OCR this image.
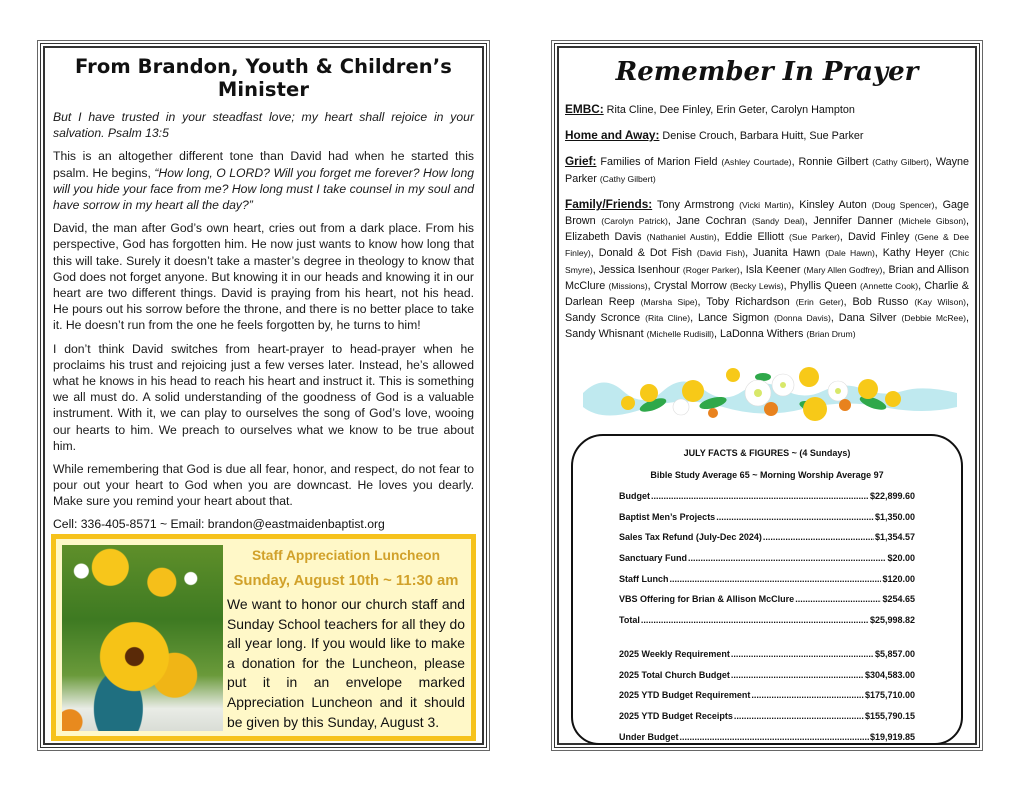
From Brandon, Youth & Children’s Minister

But I have trusted in your steadfast love; my heart shall rejoice in your salvation. Psalm 13:5

This is an altogether different tone than David had when he started this psalm. He begins, “How long, O LORD? Will you forget me forever? How long will you hide your face from me? How long must I take counsel in my soul and have sorrow in my heart all the day?”

David, the man after God’s own heart, cries out from a dark place. From his perspective, God has forgotten him. He now just wants to know how long that this will take. Surely it doesn’t take a master’s degree in theology to know that God does not forget anyone. But knowing it in our heads and knowing it in our heart are two different things. David is praying from his heart, not his head. He pours out his sorrow before the throne, and there is no better place to take it. He doesn’t run from the one he feels forgotten by, he turns to him!

I don’t think David switches from heart-prayer to head-prayer when he proclaims his trust and rejoicing just a few verses later. Instead, he’s allowed what he knows in his head to reach his heart and instruct it. This is something we all must do. A solid understanding of the goodness of God is a valuable instrument. With it, we can play to ourselves the song of God’s love, wooing our hearts to him. We preach to ourselves what we know to be true about him.

While remembering that God is due all fear, honor, and respect, do not fear to pour out your heart to God when you are downcast. He loves you dearly. Make sure you remind your heart about that.

Cell: 336-405-8571 ~ Email: brandon@eastmaidenbaptist.org

Staff Appreciation Luncheon
Sunday, August 10th ~ 11:30 am
We want to honor our church staff and Sunday School teachers for all they do all year long. If you would like to make a donation for the Luncheon, please put it in an envelope marked Appreciation Luncheon and it should be given by this Sunday, August 3.
Remember In Prayer

EMBC: Rita Cline, Dee Finley, Erin Geter, Carolyn Hampton

Home and Away: Denise Crouch, Barbara Huitt, Sue Parker

Grief: Families of Marion Field (Ashley Courtade), Ronnie Gilbert (Cathy Gilbert), Wayne Parker (Cathy Gilbert)

Family/Friends: Tony Armstrong (Vicki Martin), Kinsley Auton (Doug Spencer), Gage Brown (Carolyn Patrick), Jane Cochran (Sandy Deal), Jennifer Danner (Michele Gibson), Elizabeth Davis (Nathaniel Austin), Eddie Elliott (Sue Parker), David Finley (Gene & Dee Finley), Donald & Dot Fish (David Fish), Juanita Hawn (Dale Hawn), Kathy Heyer (Chic Smyre), Jessica Isenhour (Roger Parker), Isla Keener (Mary Allen Godfrey), Brian and Allison McClure (Missions), Crystal Morrow (Becky Lewis), Phyllis Queen (Annette Cook), Charlie & Darlean Reep (Marsha Sipe), Toby Richardson (Erin Geter), Bob Russo (Kay Wilson), Sandy Scronce (Rita Cline), Lance Sigmon (Donna Davis), Dana Silver (Debbie McRee), Sandy Whisnant (Michelle Rudisill), LaDonna Withers (Brian Drum)

JULY FACTS & FIGURES ~ (4 Sundays)
Bible Study Average 65 ~ Morning Worship Average 97
Budget .....	$22,899.60
Baptist Men’s Projects .....	$1,350.00
Sales Tax Refund (July-Dec 2024) .....	$1,354.57
Sanctuary Fund .....	$20.00
Staff Lunch .....	$120.00
VBS Offering for Brian & Allison McClure .....	$254.65
Total .....	$25,998.82
2025 Weekly Requirement .....	$5,857.00
2025 Total Church Budget .....	$304,583.00
2025 YTD Budget Requirement .....	$175,710.00
2025 YTD Budget Receipts .....	$155,790.15
Under Budget .....	$19,919.85
